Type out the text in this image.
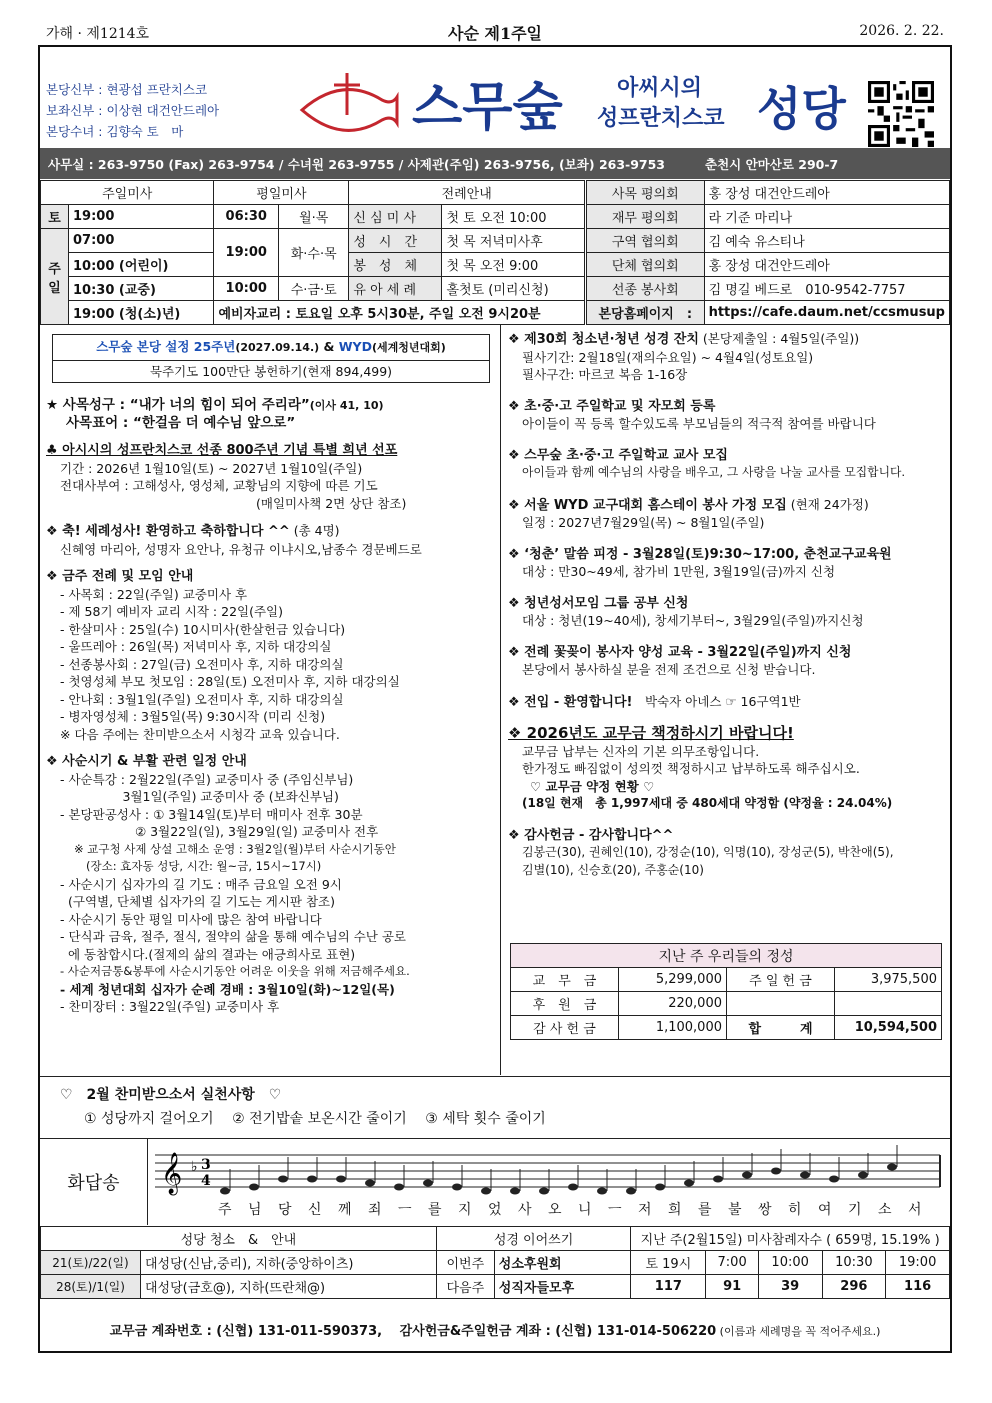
가해 · 제1214호	사순 제1주일	2026. 2. 22.
본당신부 : 현광섭 프란치스코
보좌신부 : 이상현 대건안드레아
본당수녀 : 김향숙 토　마	스무숲 아씨시의
성프란치스코 성당
사무실 : 263-9750 (Fax) 263-9754 / 수녀원 263-9755 / 사제관(주임) 263-9756, (보좌) 263-9753	춘천시 안마산로 290-7
주일미사		평일미사		전례안내	
토	19:00	06:30	월·목	신 심 미 사	첫 토 오전 10:00
주일	07:00	19:00	화·수·목	성　시　간	첫 목 저녁미사후
	10:00 (어린이)			봉　성　체	첫 목 오전 9:00
	10:30 (교중)	10:00	수·금·토	유 아 세 례	홀첫토 (미리신청)
	19:00 (청(소)년)	예비자교리 : 토요일 오후 5시30분, 주일 오전 9시20분			
사목 평의회	홍 장성 대건안드레아
재무 평의회	라 기준 마리나
구역 협의회	김 예숙 유스티나
단체 협의회	홍 장성 대건안드레아
선종 봉사회	김 명길 베드로　010-9542-7757
본당홈페이지　:	https://cafe.daum.net/ccsmusup
스무숲 본당 설정 25주년(2027.09.14.) & WYD(세계청년대회)
묵주기도 100만단 봉헌하기(현재 894,499)
★ 사목성구 : “내가 너의 힘이 되어 주리라”(이사 41, 10)
사목표어 : “한걸음 더 예수님 앞으로”
♣ 아시시의 성프란치스코 선종 800주년 기념 특별 희년 선포
기간 : 2026년 1월10일(토) ~ 2027년 1월10일(주일)
전대사부여 : 고해성사, 영성체, 교황님의 지향에 따른 기도
(매일미사책 2면 상단 참조)
❖ 축! 세례성사! 환영하고 축하합니다 ^^ (총 4명)
신혜영 마리아, 성명자 요안나, 유청규 이냐시오,남종수 경문베드로
❖ 금주 전례 및 모임 안내
- 사목회 : 22일(주일) 교중미사 후
- 제 58기 예비자 교리 시작 : 22일(주일)
- 한살미사 : 25일(수) 10시미사(한살헌금 있습니다)
- 울뜨레아 : 26일(목) 저녁미사 후, 지하 대강의실
- 선종봉사회 : 27일(금) 오전미사 후, 지하 대강의실
- 첫영성체 부모 첫모임 : 28일(토) 오전미사 후, 지하 대강의실
- 안나회 : 3월1일(주일) 오전미사 후, 지하 대강의실
- 병자영성체 : 3월5일(목) 9:30시작 (미리 신청)
※ 다음 주에는 찬미받으소서 시청각 교육 있습니다.
❖ 사순시기 & 부활 관련 일정 안내
- 사순특강 : 2월22일(주일) 교중미사 중 (주임신부님)
　　　　　3월1일(주일) 교중미사 중 (보좌신부님)
- 본당판공성사 : ① 3월14일(토)부터 매미사 전후 30분
　　　　　　② 3월22일(일), 3월29일(일) 교중미사 전후
※ 교구청 사제 상설 고해소 운영 : 3월2일(월)부터 사순시기동안
(장소: 효자동 성당, 시간: 월~금, 15시~17시)
- 사순시기 십자가의 길 기도 : 매주 금요일 오전 9시
(구역별, 단체별 십자가의 길 기도는 게시판 참조)
- 사순시기 동안 평일 미사에 많은 참여 바랍니다
- 단식과 금육, 절주, 절식, 절약의 삶을 통해 예수님의 수난 공로
에 동참합시다.(절제의 삶의 결과는 애긍희사로 표현)
- 사순저금통&봉투에 사순시기동안 어려운 이웃을 위해 저금해주세요.
- 세계 청년대회 십자가 순례 경배 : 3월10일(화)~12일(목)
- 찬미장터 : 3월22일(주일) 교중미사 후
❖ 제30회 청소년·청년 성경 잔치 (본당제출일 : 4월5일(주일))
필사기간: 2월18일(재의수요일) ~ 4월4일(성토요일)
필사구간: 마르코 복음 1-16장
❖ 초·중·고 주일학교 및 자모회 등록
아이들이 꼭 등록 할수있도록 부모님들의 적극적 참여를 바랍니다
❖ 스무숲 초·중·고 주일학교 교사 모집
아이들과 함께 예수님의 사랑을 배우고, 그 사랑을 나눌 교사를 모집합니다.
❖ 서울 WYD 교구대회 홈스테이 봉사 가정 모집 (현재 24가정)
일정 : 2027년7월29일(목) ~ 8월1일(주일)
❖ ‘청춘’ 말씀 피정 - 3월28일(토)9:30~17:00, 춘천교구교육원
대상 : 만30~49세, 참가비 1만원, 3월19일(금)까지 신청
❖ 청년성서모임 그룹 공부 신청
대상 : 청년(19~40세), 창세기부터~, 3월29일(주일)까지신청
❖ 전례 꽃꽂이 봉사자 양성 교육 - 3월22일(주일)까지 신청
본당에서 봉사하실 분을 전제 조건으로 신청 받습니다.
❖ 전입 - 환영합니다!　박숙자 아네스 ☞ 16구역1반
❖ 2026년도 교무금 책정하시기 바랍니다!
교무금 납부는 신자의 기본 의무조항입니다.
한가정도 빠짐없이 성의껏 책정하시고 납부하도록 해주십시오.
♡ 교무금 약정 현황 ♡
(18일 현재　총 1,997세대 중 480세대 약정함 (약정율 : 24.04%)
❖ 감사헌금 - 감사합니다^^
김봉근(30), 권혜인(10), 강정순(10), 익명(10), 장성군(5), 박찬애(5),
김별(10), 신승호(20), 주홍순(10)
지난 주 우리들의 정성			
교　무　금	5,299,000	주 일 헌 금	3,975,500
후　원　금	220,000		
감 사 헌 금	1,100,000	합　　　계	10,594,500
♡　2월 찬미받으소서 실천사항　♡
① 성당까지 걸어오기　 ② 전기밥솥 보온시간 줄이기　 ③ 세탁 횟수 줄이기
화답송	𝄞 ♭ 3
4
주 님 당 신 께 죄 ㅡ 를 지 었 사 오 니 ㅡ 저 희 를 불 쌍 히 여 기 소 서
성당 청소　&　안내		성경 이어쓰기		지난 주(2월15일) 미사참례자수 ( 659명, 15.19% )				
21(토)/22(일)	대성당(신남,중리), 지하(중앙하이츠)	이번주	성소후원회	토 19시	7:00	10:00	10:30	19:00
28(토)/1(일)	대성당(금호@), 지하(뜨란채@)	다음주	성직자들모후	117	91	39	296	116
교무금 계좌번호 : (신협) 131-011-590373,　 감사헌금&주일헌금 계좌 : (신협) 131-014-506220 (이름과 세례명을 꼭 적어주세요.)
